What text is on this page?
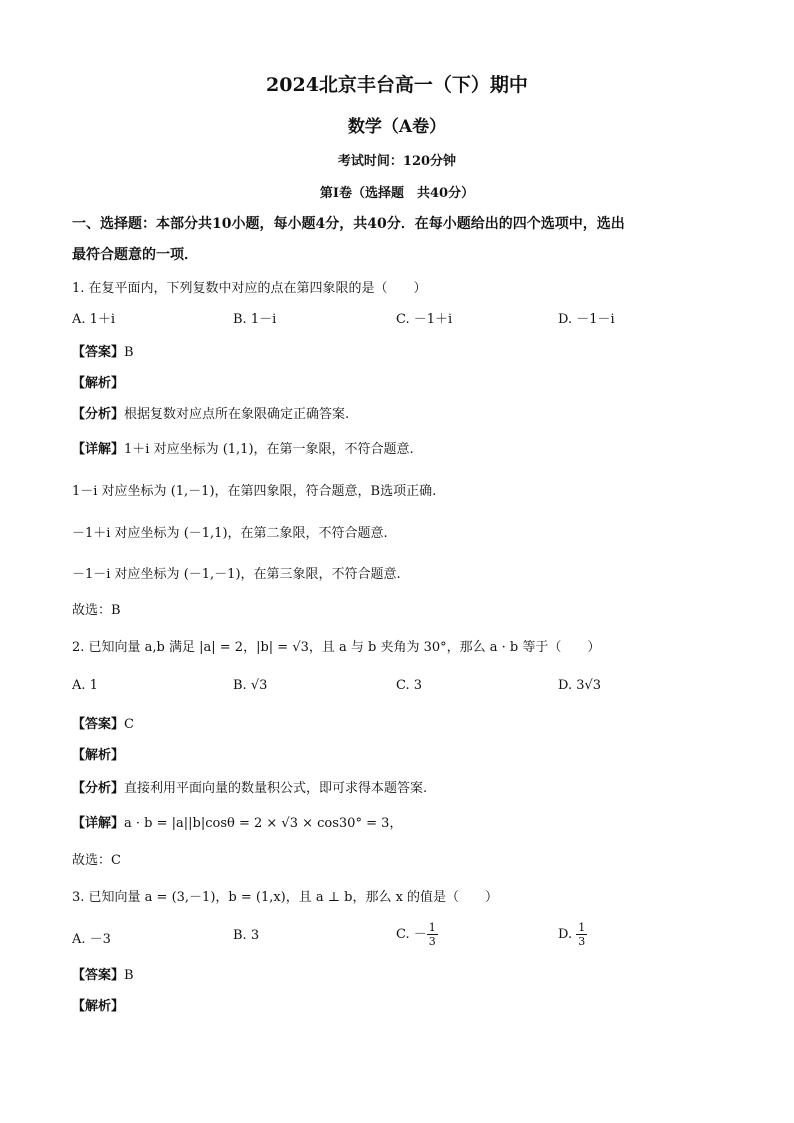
2024北京丰台高一（下）期中
数学（A卷）
考试时间：120分钟
第Ⅰ卷（选择题　共40分）
一、选择题：本部分共10小题，每小题4分，共40分．在每小题给出的四个选项中，选出
最符合题意的一项．
1. 在复平面内，下列复数中对应的点在第四象限的是（　　）
A. 1＋i	B. 1－i	C. －1＋i	D. －1－i
【答案】B
【解析】
【分析】根据复数对应点所在象限确定正确答案.
【详解】1＋i 对应坐标为 (1,1)，在第一象限，不符合题意.
1－i 对应坐标为 (1,－1)，在第四象限，符合题意，B选项正确.
－1＋i 对应坐标为 (－1,1)，在第二象限，不符合题意.
－1－i 对应坐标为 (－1,－1)，在第三象限，不符合题意.
故选：B
2. 已知向量 a,b 满足 |a| = 2，|b| = √3，且 a 与 b 夹角为 30°，那么 a · b 等于（　　）
A. 1	B. √3	C. 3	D. 3√3
【答案】C
【解析】
【分析】直接利用平面向量的数量积公式，即可求得本题答案.
【详解】a · b = |a||b|cosθ = 2 × √3 × cos30° = 3，
故选：C
3. 已知向量 a = (3,－1)，b = (1,x)，且 a ⊥ b，那么 x 的值是（　　）
A. －3	B. 3	C. － $\frac{1}{3}$	D. $\frac{1}{3}$
【答案】B
【解析】
